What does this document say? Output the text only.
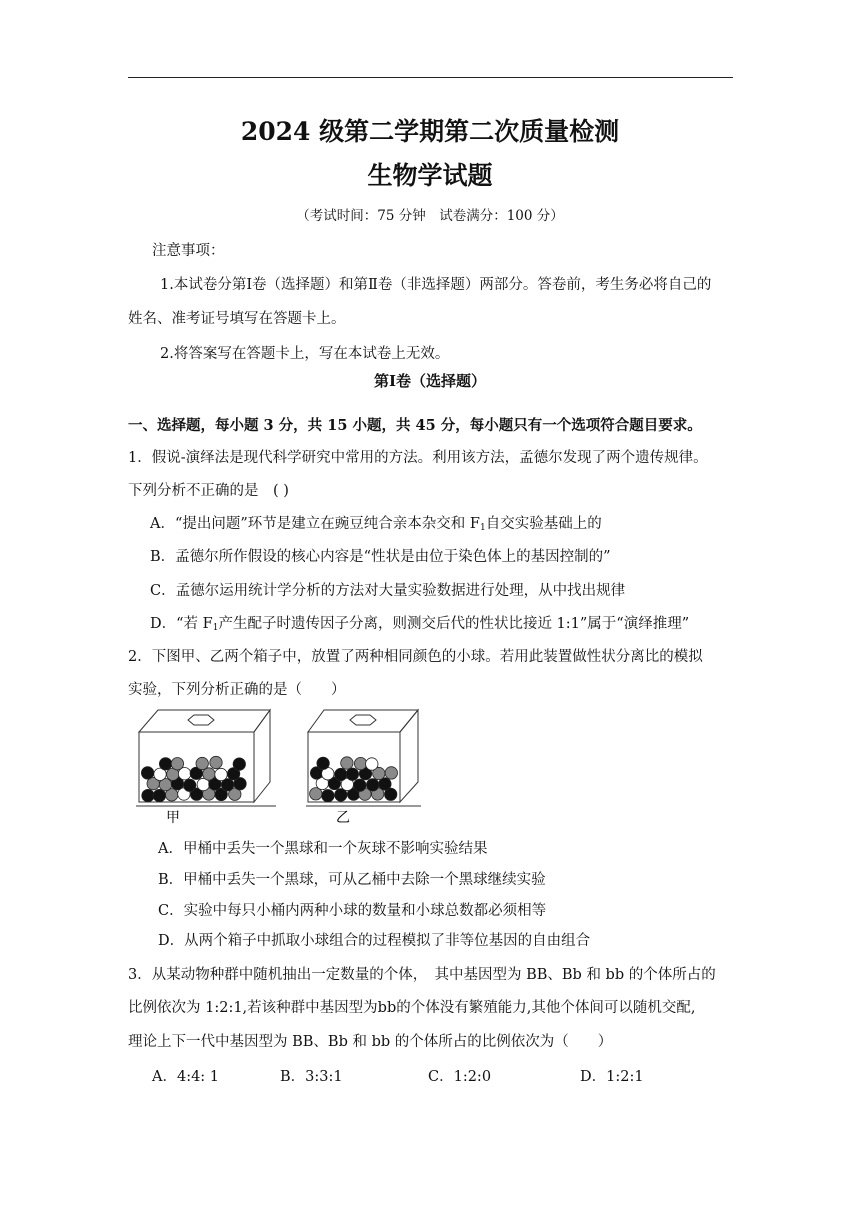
2024 级第二学期第二次质量检测
生物学试题
（考试时间：75 分钟　试卷满分：100 分）
注意事项：
1.本试卷分第Ⅰ卷（选择题）和第Ⅱ卷（非选择题）两部分。答卷前，考生务必将自己的
姓名、准考证号填写在答题卡上。
2.将答案写在答题卡上，写在本试卷上无效。
第Ⅰ卷（选择题）
一、选择题，每小题 3 分，共 15 小题，共 45 分，每小题只有一个选项符合题目要求。
1．假说-演绎法是现代科学研究中常用的方法。利用该方法，孟德尔发现了两个遗传规律。
下列分析不正确的是　( )
A．“提出问题”环节是建立在豌豆纯合亲本杂交和 $F_1$自交实验基础上的
B．孟德尔所作假设的核心内容是“性状是由位于染色体上的基因控制的”
C．孟德尔运用统计学分析的方法对大量实验数据进行处理，从中找出规律
D．“若 $F_1$产生配子时遗传因子分离，则测交后代的性状比接近 1:1”属于“演绎推理”
2．下图甲、乙两个箱子中，放置了两种相同颜色的小球。若用此装置做性状分离比的模拟
实验，下列分析正确的是（　　）
甲	乙
A．甲桶中丢失一个黑球和一个灰球不影响实验结果
B．甲桶中丢失一个黑球，可从乙桶中去除一个黑球继续实验
C．实验中每只小桶内两种小球的数量和小球总数都必须相等
D．从两个箱子中抓取小球组合的过程模拟了非等位基因的自由组合
3．从某动物种群中随机抽出一定数量的个体，　其中基因型为 BB、Bb 和 bb 的个体所占的
比例依次为 1:2:1,若该种群中基因型为bb的个体没有繁殖能力,其他个体间可以随机交配,
理论上下一代中基因型为 BB、Bb 和 bb 的个体所占的比例依次为（　　）
A．4:4: 1	B．3:3:1	C．1:2:0	D．1:2:1
